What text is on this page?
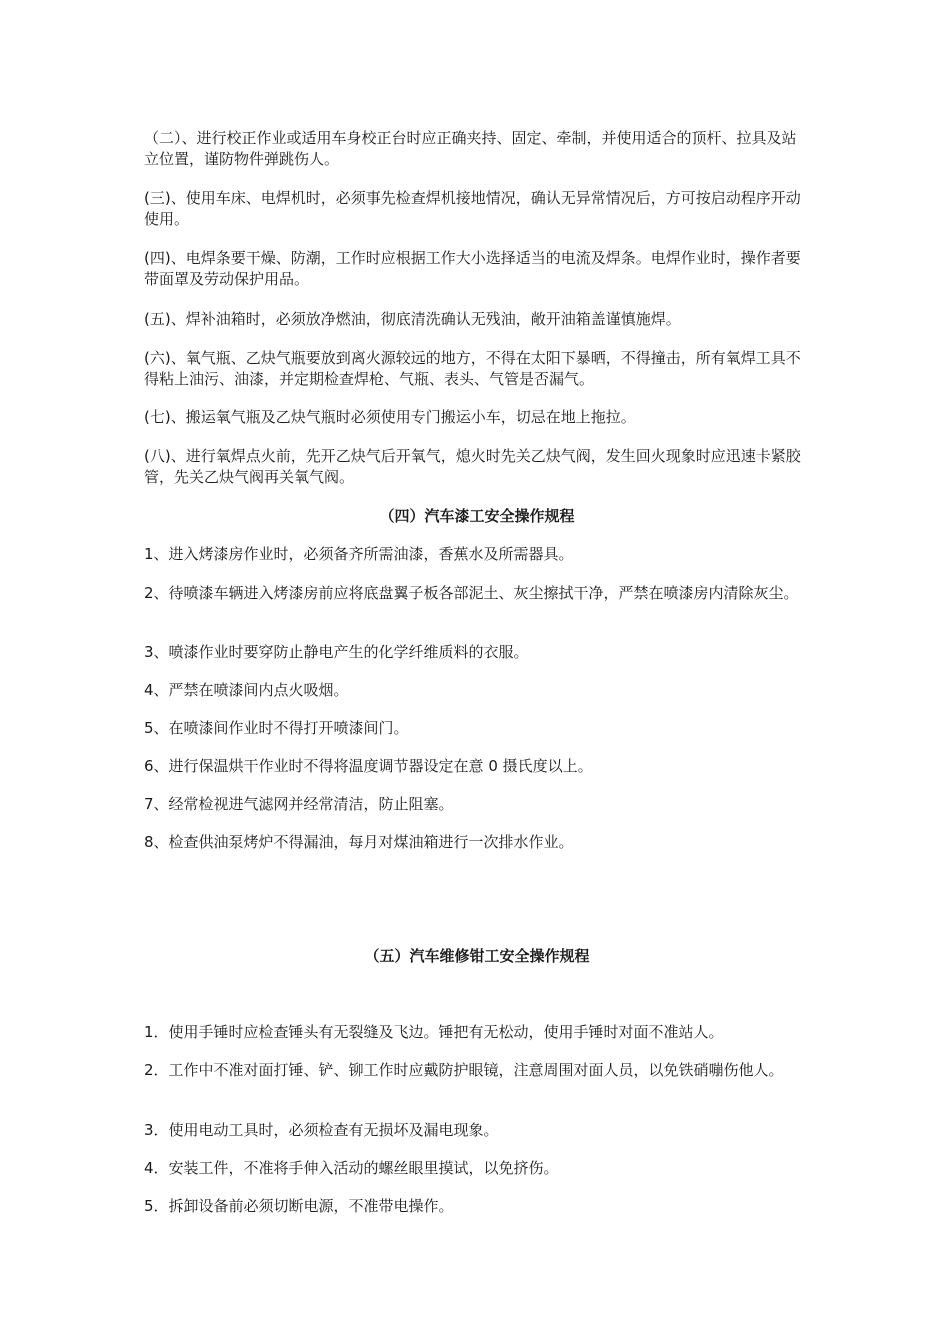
（二）、进行校正作业或适用车身校正台时应正确夹持、固定、牵制，并使用适合的顶杆、拉具及站立位置，谨防物件弹跳伤人。

(三)、使用车床、电焊机时，必须事先检查焊机接地情况，确认无异常情况后，方可按启动程序开动使用。

(四)、电焊条要干燥、防潮，工作时应根据工作大小选择适当的电流及焊条。电焊作业时，操作者要带面罩及劳动保护用品。

(五)、焊补油箱时，必须放净燃油，彻底清洗确认无残油，敞开油箱盖谨慎施焊。

(六)、氧气瓶、乙炔气瓶要放到离火源较远的地方，不得在太阳下暴晒，不得撞击，所有氧焊工具不得粘上油污、油漆，并定期检查焊枪、气瓶、表头、气管是否漏气。

(七)、搬运氧气瓶及乙炔气瓶时必须使用专门搬运小车，切忌在地上拖拉。

(八)、进行氧焊点火前，先开乙炔气后开氧气，熄火时先关乙炔气阀，发生回火现象时应迅速卡紧胶管，先关乙炔气阀再关氧气阀。

（四）汽车漆工安全操作规程

1、进入烤漆房作业时，必须备齐所需油漆，香蕉水及所需器具。

2、待喷漆车辆进入烤漆房前应将底盘翼子板各部泥土、灰尘擦拭干净，严禁在喷漆房内清除灰尘。

3、喷漆作业时要穿防止静电产生的化学纤维质料的衣服。

4、严禁在喷漆间内点火吸烟。

5、在喷漆间作业时不得打开喷漆间门。

6、进行保温烘干作业时不得将温度调节器设定在意 0 摄氏度以上。

7、经常检视进气滤网并经常清洁，防止阻塞。

8、检查供油泵烤炉不得漏油，每月对煤油箱进行一次排水作业。

（五）汽车维修钳工安全操作规程

1．使用手锤时应检查锤头有无裂缝及飞边。锤把有无松动，使用手锤时对面不准站人。

2．工作中不准对面打锤、铲、铆工作时应戴防护眼镜，注意周围对面人员，以免铁硝嘣伤他人。

3．使用电动工具时，必须检查有无损坏及漏电现象。

4．安装工件，不准将手伸入活动的螺丝眼里摸试，以免挤伤。

5．拆卸设备前必须切断电源，不准带电操作。
